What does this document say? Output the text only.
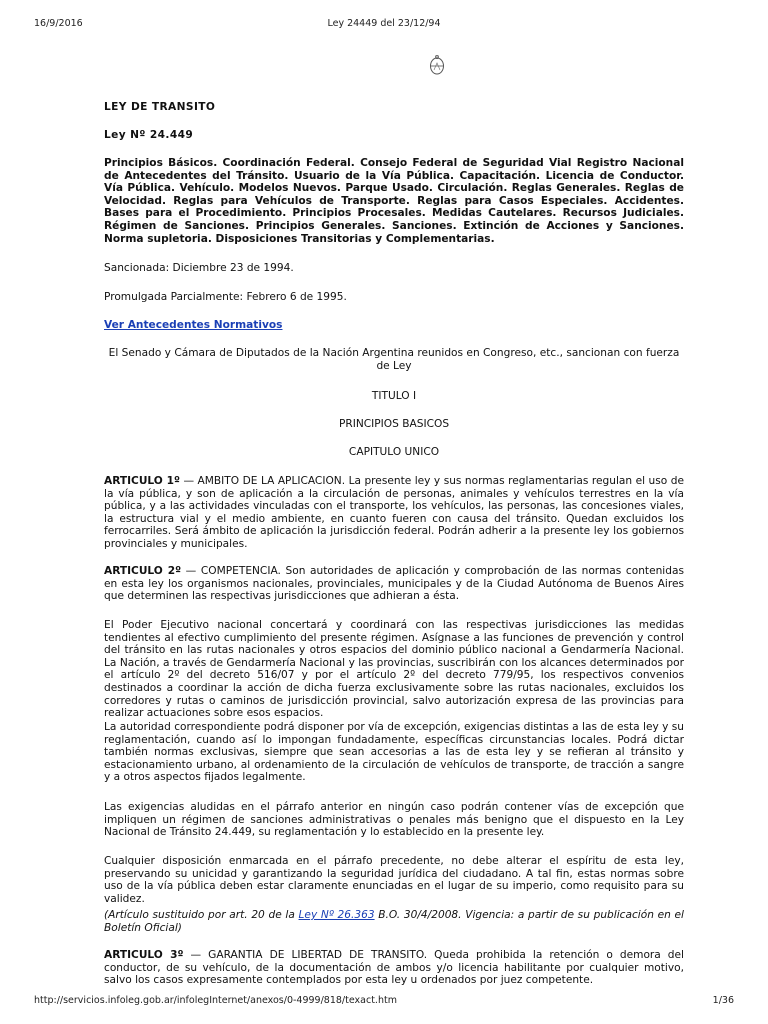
16/9/2016	Ley 24449 del 23/12/94

LEY DE TRANSITO

Ley Nº 24.449

Principios Básicos. Coordinación Federal. Consejo Federal de Seguridad Vial Registro Nacional de Antecedentes del Tránsito. Usuario de la Vía Pública. Capacitación. Licencia de Conductor. Vía Pública. Vehículo. Modelos Nuevos. Parque Usado. Circulación. Reglas Generales. Reglas de Velocidad. Reglas para Vehículos de Transporte. Reglas para Casos Especiales. Accidentes. Bases para el Procedimiento. Principios Procesales. Medidas Cautelares. Recursos Judiciales. Régimen de Sanciones. Principios Generales. Sanciones. Extinción de Acciones y Sanciones. Norma supletoria. Disposiciones Transitorias y Complementarias.

Sancionada: Diciembre 23 de 1994.

Promulgada Parcialmente: Febrero 6 de 1995.

Ver Antecedentes Normativos

El Senado y Cámara de Diputados de la Nación Argentina reunidos en Congreso, etc., sancionan con fuerza de Ley

TITULO I

PRINCIPIOS BASICOS

CAPITULO UNICO

ARTICULO 1º — AMBITO DE LA APLICACION. La presente ley y sus normas reglamentarias regulan el uso de la vía pública, y son de aplicación a la circulación de personas, animales y vehículos terrestres en la vía pública, y a las actividades vinculadas con el transporte, los vehículos, las personas, las concesiones viales, la estructura vial y el medio ambiente, en cuanto fueren con causa del tránsito. Quedan excluidos los ferrocarriles. Será ámbito de aplicación la jurisdicción federal. Podrán adherir a la presente ley los gobiernos provinciales y municipales.

ARTICULO 2º — COMPETENCIA. Son autoridades de aplicación y comprobación de las normas contenidas en esta ley los organismos nacionales, provinciales, municipales y de la Ciudad Autónoma de Buenos Aires que determinen las respectivas jurisdicciones que adhieran a ésta.

El Poder Ejecutivo nacional concertará y coordinará con las respectivas jurisdicciones las medidas tendientes al efectivo cumplimiento del presente régimen. Asígnase a las funciones de prevención y control del tránsito en las rutas nacionales y otros espacios del dominio público nacional a Gendarmería Nacional. La Nación, a través de Gendarmería Nacional y las provincias, suscribirán con los alcances determinados por el artículo 2º del decreto 516/07 y por el artículo 2º del decreto 779/95, los respectivos convenios destinados a coordinar la acción de dicha fuerza exclusivamente sobre las rutas nacionales, excluidos los corredores y rutas o caminos de jurisdicción provincial, salvo autorización expresa de las provincias para realizar actuaciones sobre esos espacios.

La autoridad correspondiente podrá disponer por vía de excepción, exigencias distintas a las de esta ley y su reglamentación, cuando así lo impongan fundadamente, específicas circunstancias locales. Podrá dictar también normas exclusivas, siempre que sean accesorias a las de esta ley y se refieran al tránsito y estacionamiento urbano, al ordenamiento de la circulación de vehículos de transporte, de tracción a sangre y a otros aspectos fijados legalmente.

Las exigencias aludidas en el párrafo anterior en ningún caso podrán contener vías de excepción que impliquen un régimen de sanciones administrativas o penales más benigno que el dispuesto en la Ley Nacional de Tránsito 24.449, su reglamentación y lo establecido en la presente ley.

Cualquier disposición enmarcada en el párrafo precedente, no debe alterar el espíritu de esta ley, preservando su unicidad y garantizando la seguridad jurídica del ciudadano. A tal fin, estas normas sobre uso de la vía pública deben estar claramente enunciadas en el lugar de su imperio, como requisito para su validez.

(Artículo sustituido por art. 20 de la Ley Nº 26.363 B.O. 30/4/2008. Vigencia: a partir de su publicación en el Boletín Oficial)

ARTICULO 3º — GARANTIA DE LIBERTAD DE TRANSITO. Queda prohibida la retención o demora del conductor, de su vehículo, de la documentación de ambos y/o licencia habilitante por cualquier motivo, salvo los casos expresamente contemplados por esta ley u ordenados por juez competente.

http://servicios.infoleg.gob.ar/infolegInternet/anexos/0-4999/818/texact.htm	1/36
